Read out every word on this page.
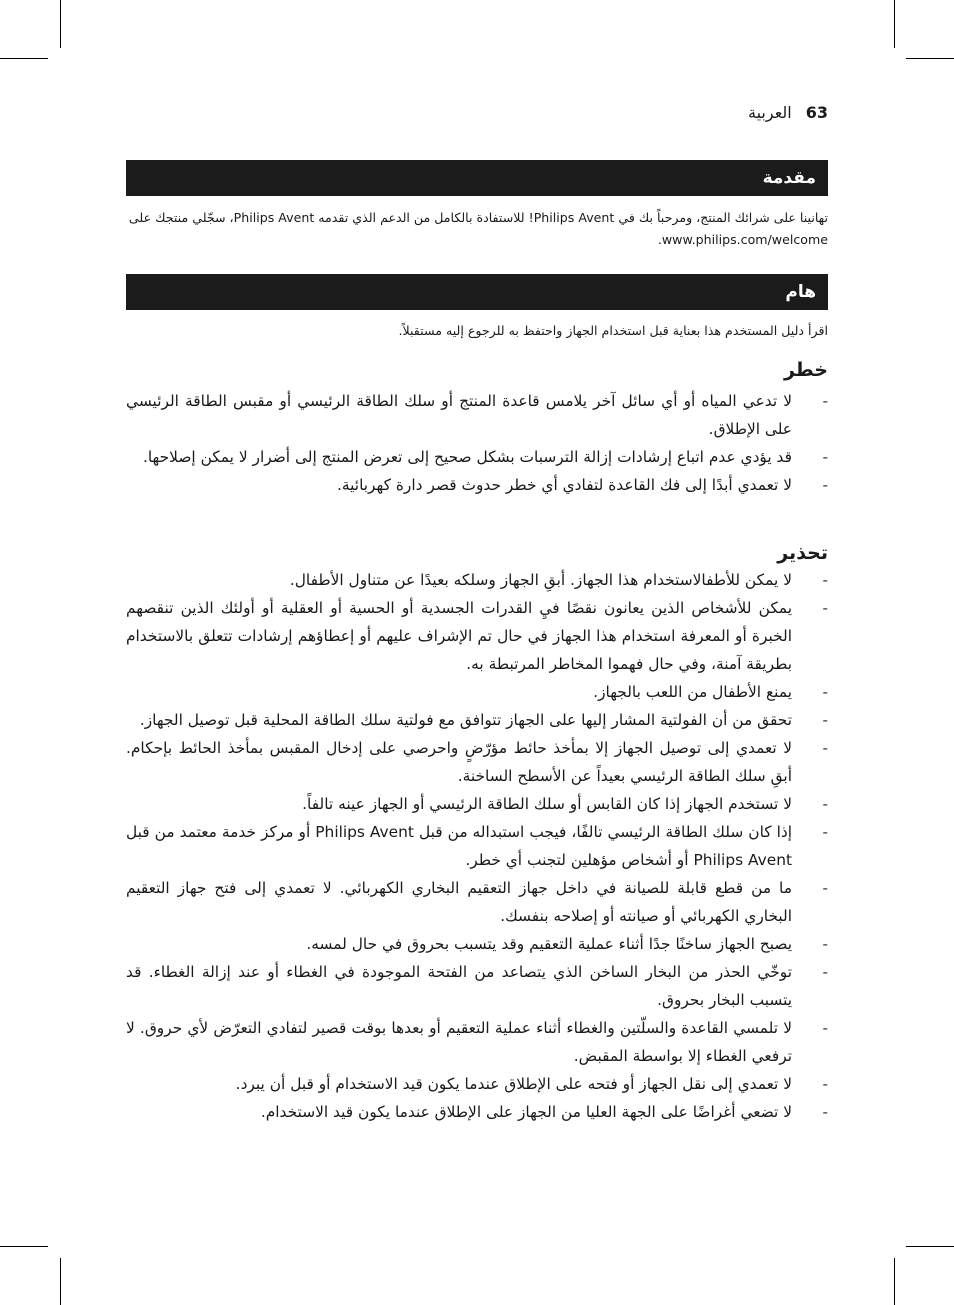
63
العربية
مقدمة
تهانينا على شرائك المنتج، ومرحباً بك في Philips Avent! للاستفادة بالكامل من الدعم الذي تقدمه Philips Avent، سجّلي منتجك على www.philips.com/welcome.
هام
اقرأ دليل المستخدم هذا بعناية قبل استخدام الجهاز واحتفظ به للرجوع إليه مستقبلاً.
خطر
- لا تدعي المياه أو أي سائل آخر يلامس قاعدة المنتج أو سلك الطاقة الرئيسي أو مقبس الطاقة الرئيسي على الإطلاق.
- قد يؤدي عدم اتباع إرشادات إزالة الترسبات بشكل صحيح إلى تعرض المنتج إلى أضرار لا يمكن إصلاحها.
- لا تعمدي أبدًا إلى فك القاعدة لتفادي أي خطر حدوث قصر دارة كهربائية.
تحذير
- لا يمكن للأطفالاستخدام هذا الجهاز. أبقِ الجهاز وسلكه بعيدًا عن متناول الأطفال.
- يمكن للأشخاص الذين يعانون نقصًا فيِ القدرات الجسدية أو الحسية أو العقلية أو أولئك الذين تنقصهم الخبرة أو المعرفة استخدام هذا الجهاز في حال تم الإشراف عليهم أو إعطاؤهم إرشادات تتعلق بالاستخدام بطريقة آمنة، وفي حال فهموا المخاطر المرتبطة به.
- يمنع الأطفال من اللعب بالجهاز.
- تحقق من أن الفولتية المشار إليها على الجهاز تتوافق مع فولتية سلك الطاقة المحلية قبل توصيل الجهاز.
- لا تعمدي إلى توصيل الجهاز إلا بمأخذ حائط مؤرّضٍ واحرصي على إدخال المقبس بمأخذ الحائط بإحكام. أبقِ سلك الطاقة الرئيسي بعيداً عن الأسطح الساخنة.
- لا تستخدم الجهاز إذا كان القابس أو سلك الطاقة الرئيسي أو الجهاز عينه تالفاً.
- إذا كان سلك الطاقة الرئيسي تالفًا، فيجب استبداله من قبل Philips Avent أو مركز خدمة معتمد من قبل Philips Avent أو أشخاص مؤهلين لتجنب أي خطر.
- ما من قطع قابلة للصيانة في داخل جهاز التعقيم البخاري الكهربائي. لا تعمدي إلى فتح جهاز التعقيم البخاري الكهربائي أو صيانته أو إصلاحه بنفسك.
- يصبح الجهاز ساخنًا جدًا أثناء عملية التعقيم وقد يتسبب بحروق في حال لمسه.
- توخّي الحذر من البخار الساخن الذي يتصاعد من الفتحة الموجودة في الغطاء أو عند إزالة الغطاء. قد يتسبب البخار بحروق.
- لا تلمسي القاعدة والسلّتين والغطاء أثناء عملية التعقيم أو بعدها بوقت قصير لتفادي التعرّض لأي حروق. لا ترفعي الغطاء إلا بواسطة المقبض.
- لا تعمدي إلى نقل الجهاز أو فتحه على الإطلاق عندما يكون قيد الاستخدام أو قبل أن يبرد.
- لا تضعي أغراضًا على الجهة العليا من الجهاز على الإطلاق عندما يكون قيد الاستخدام.
